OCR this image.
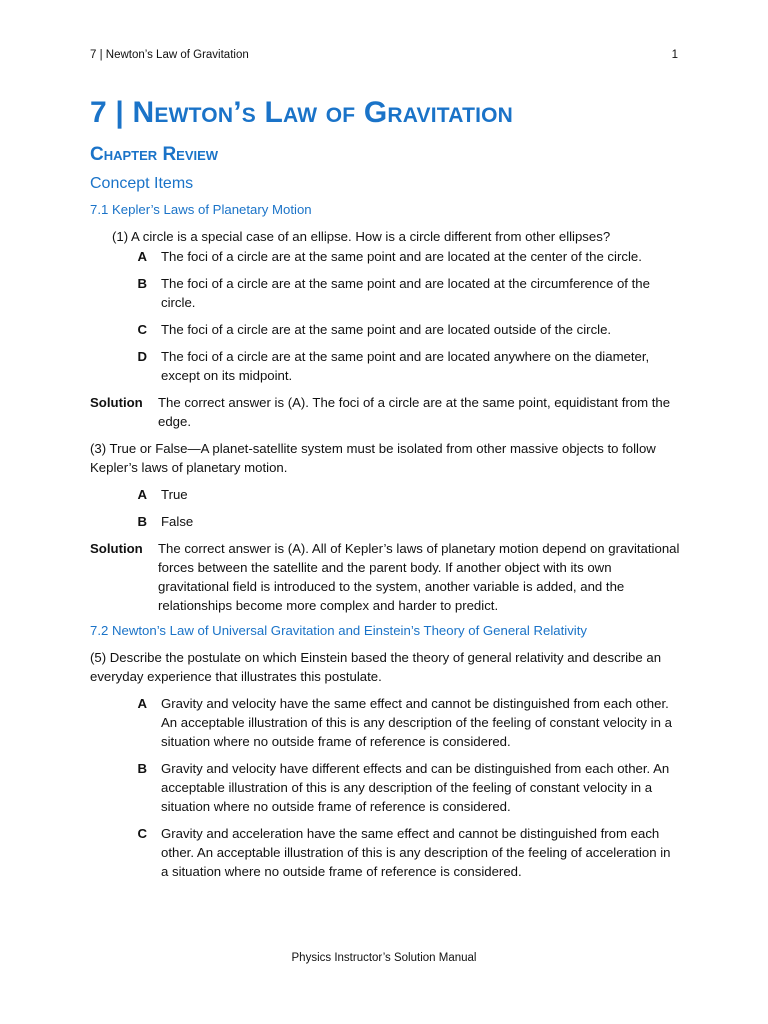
7 | Newton’s Law of Gravitation	1
7 | Newton’s Law of Gravitation
Chapter Review
Concept Items
7.1 Kepler’s Laws of Planetary Motion
(1) A circle is a special case of an ellipse. How is a circle different from other ellipses?
A	The foci of a circle are at the same point and are located at the center of the circle.
B	The foci of a circle are at the same point and are located at the circumference of the circle.
C	The foci of a circle are at the same point and are located outside of the circle.
D	The foci of a circle are at the same point and are located anywhere on the diameter, except on its midpoint.
Solution	The correct answer is (A). The foci of a circle are at the same point, equidistant from the edge.
(3) True or False—A planet-satellite system must be isolated from other massive objects to follow Kepler’s laws of planetary motion.
A	True
B	False
Solution	The correct answer is (A). All of Kepler’s laws of planetary motion depend on gravitational forces between the satellite and the parent body. If another object with its own gravitational field is introduced to the system, another variable is added, and the relationships become more complex and harder to predict.
7.2 Newton’s Law of Universal Gravitation and Einstein’s Theory of General Relativity
(5) Describe the postulate on which Einstein based the theory of general relativity and describe an everyday experience that illustrates this postulate.
A	Gravity and velocity have the same effect and cannot be distinguished from each other. An acceptable illustration of this is any description of the feeling of constant velocity in a situation where no outside frame of reference is considered.
B	Gravity and velocity have different effects and can be distinguished from each other. An acceptable illustration of this is any description of the feeling of constant velocity in a situation where no outside frame of reference is considered.
C	Gravity and acceleration have the same effect and cannot be distinguished from each other. An acceptable illustration of this is any description of the feeling of acceleration in a situation where no outside frame of reference is considered.
Physics Instructor’s Solution Manual
